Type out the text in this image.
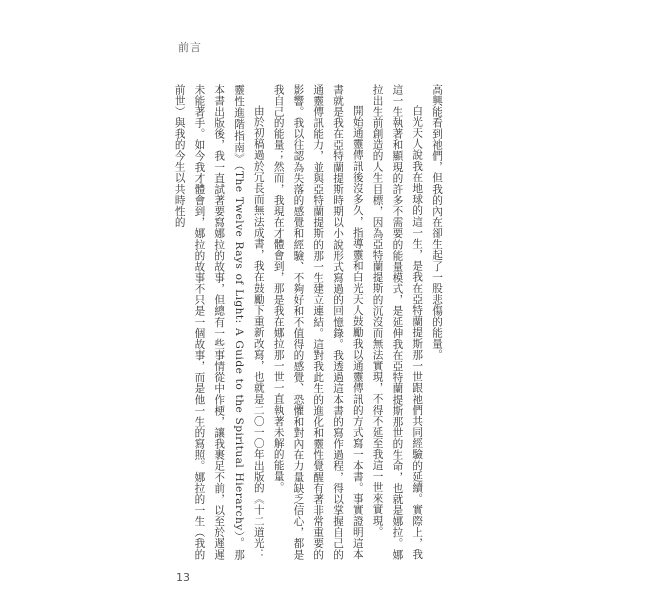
前言

高興能看到祂們，但我的內在卻生起了一股悲傷的能量。

白光天人說我在地球的這一生，是我在亞特蘭提斯那一世跟祂們共同經驗的延續。實際上，我這一生執著和顯現的許多不需要的能量模式，是延伸我在亞特蘭提斯那世的生命，也就是娜拉。娜拉出生前創造的人生目標，因為亞特蘭提斯的沉沒而無法實現，不得不延至我這一世來實現。

開始通靈傳訊後沒多久，指導靈和白光天人鼓勵我以通靈傳訊的方式寫一本書。事實證明這本書就是我在亞特蘭提斯時期以小說形式寫過的回憶錄。我透過這本書的寫作過程，得以掌握自己的通靈傳訊能力，並與亞特蘭提斯的那一生建立連結。這對我此生的進化和靈性覺醒有著非常重要的影響。我以往認為失落的感覺和經驗、不夠好和不值得的感覺、恐懼和對內在力量缺乏信心，都是我自己的能量；然而，我現在才體會到，那是我在娜拉那一世一直執著未解的能量。

由於初稿過於冗長而無法成書，我在鼓勵下重新改寫，也就是二〇一〇年出版的《十二道光：靈性進階指南》（The Twelve Rays of Light: A Guide to the Spiritual Hierarchy）。那本書出版後，我一直試著要寫娜拉的故事，但總有一些事情從中作梗，讓我裹足不前，以至於遲遲未能著手。如今我才體會到，娜拉的故事不只是一個故事，而是他一生的寫照。娜拉的一生（我的前世）與我的今生以共時性的

13
